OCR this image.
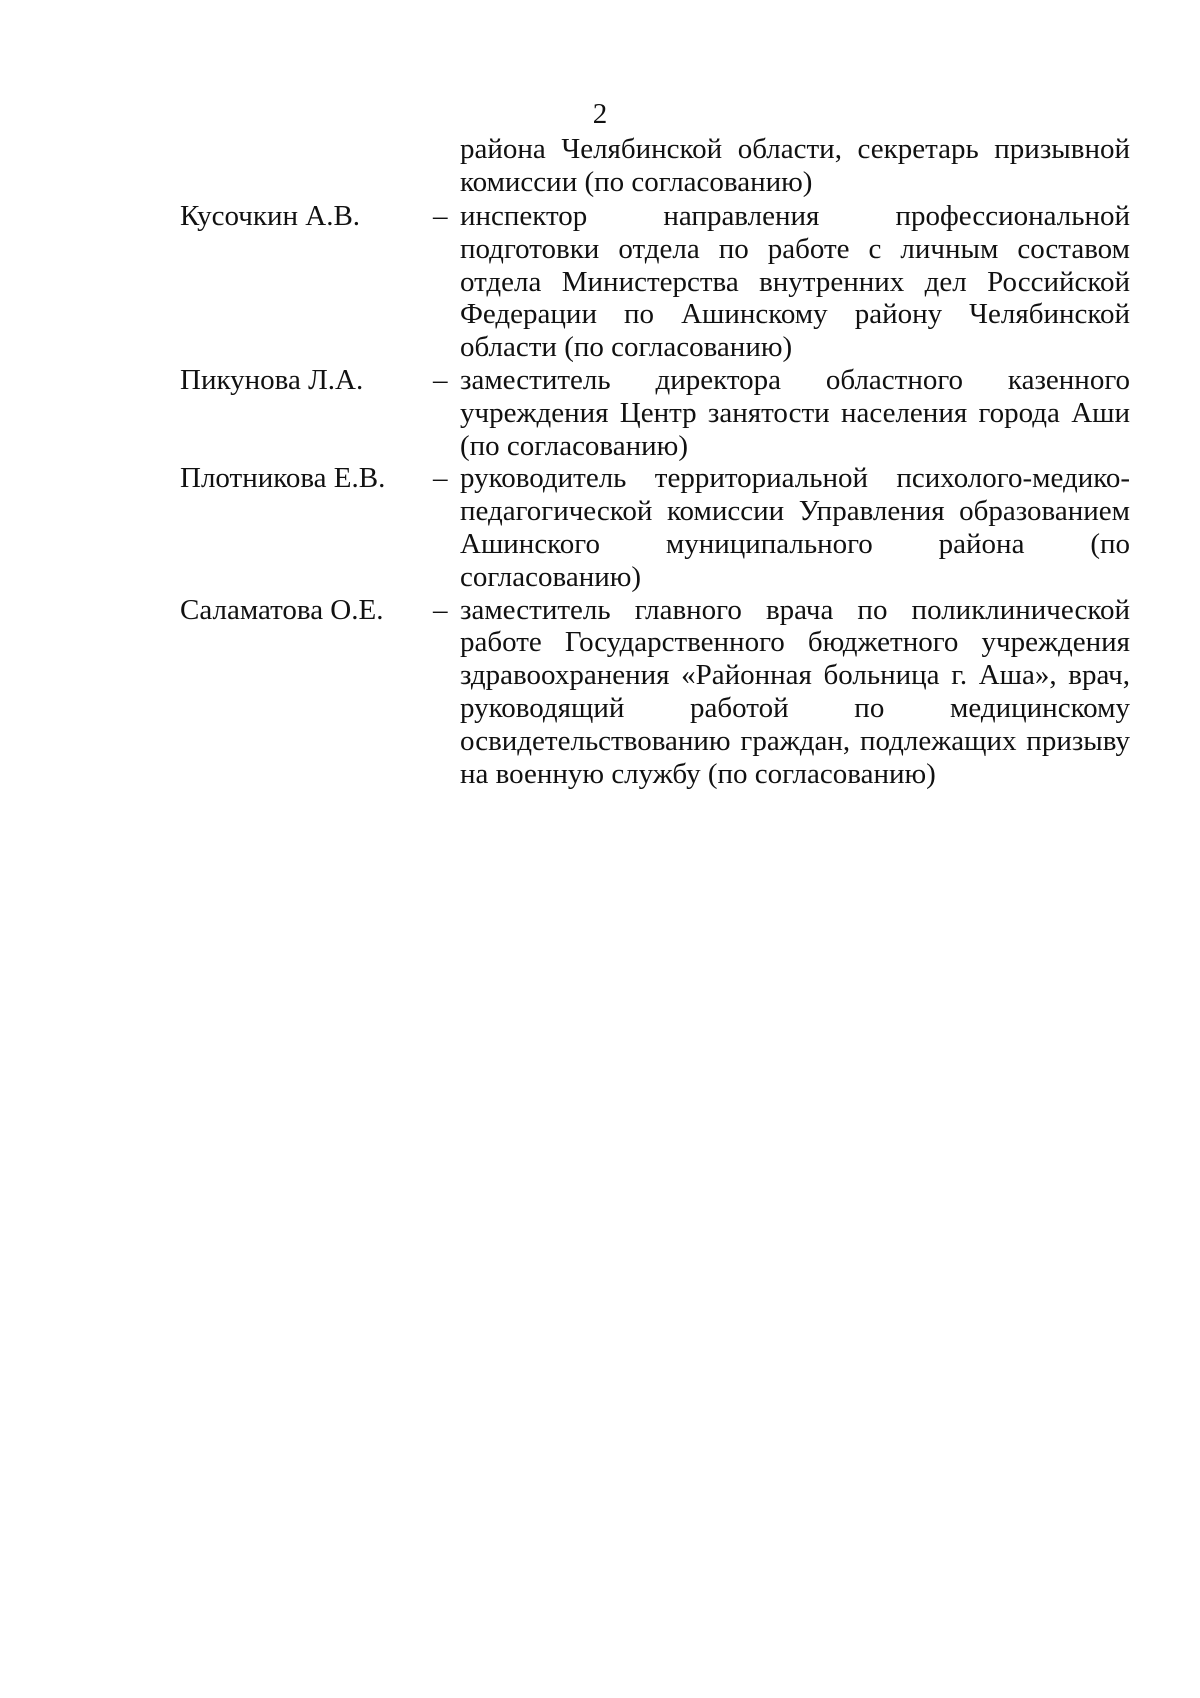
2
района Челябинской области, секретарь призывной комиссии (по согласованию)
Кусочкин А.В.	– инспектор направления профессиональной подготовки отдела по работе с личным составом отдела Министерства внутренних дел Российской Федерации по Ашинскому району Челябинской области (по согласованию)
Пикунова Л.А.	– заместитель директора областного казенного учреждения Центр занятости населения города Аши (по согласованию)
Плотникова Е.В.	– руководитель территориальной психолого-медико-педагогической комиссии Управления образованием Ашинского муниципального района (по согласованию)
Саламатова О.Е.	– заместитель главного врача по поликлинической работе Государственного бюджетного учреждения здравоохранения «Районная больница г. Аша», врач, руководящий работой по медицинскому освидетельствованию граждан, подлежащих призыву на военную службу (по согласованию)
